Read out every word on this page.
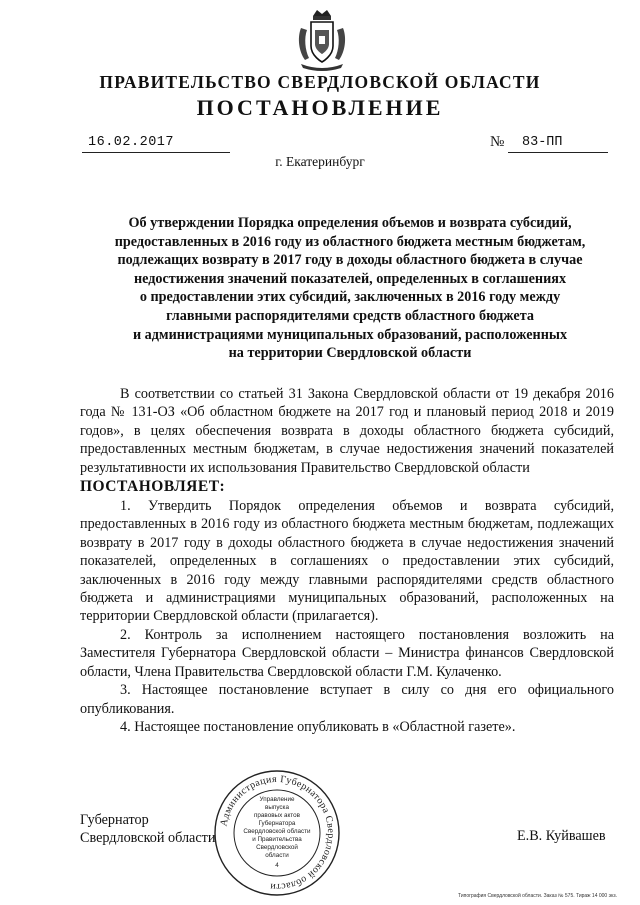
ПРАВИТЕЛЬСТВО СВЕРДЛОВСКОЙ ОБЛАСТИ
ПОСТАНОВЛЕНИЕ
16.02.2017	№	83-ПП
г. Екатеринбург
Об утверждении Порядка определения объемов и возврата субсидий,
предоставленных в 2016 году из областного бюджета местным бюджетам,
подлежащих возврату в 2017 году в доходы областного бюджета в случае
недостижения значений показателей, определенных в соглашениях
о предоставлении этих субсидий, заключенных в 2016 году между
главными распорядителями средств областного бюджета
и администрациями муниципальных образований, расположенных
на территории Свердловской области

В соответствии со статьей 31 Закона Свердловской области от 19 декабря 2016 года № 131-ОЗ «Об областном бюджете на 2017 год и плановый период 2018 и 2019 годов», в целях обеспечения возврата в доходы областного бюджета субсидий, предоставленных местным бюджетам, в случае недостижения значений показателей результативности их использования Правительство Свердловской области

ПОСТАНОВЛЯЕТ:

1. Утвердить Порядок определения объемов и возврата субсидий, предоставленных в 2016 году из областного бюджета местным бюджетам, подлежащих возврату в 2017 году в доходы областного бюджета в случае недостижения значений показателей, определенных в соглашениях о предоставлении этих субсидий, заключенных в 2016 году между главными распорядителями средств областного бюджета и администрациями муниципальных образований, расположенных на территории Свердловской области (прилагается).

2. Контроль за исполнением настоящего постановления возложить на Заместителя Губернатора Свердловской области – Министра финансов Свердловской области, Члена Правительства Свердловской области Г.М. Кулаченко.

3. Настоящее постановление вступает в силу со дня его официального опубликования.

4. Настоящее постановление опубликовать в «Областной газете».

Губернатор
Свердловской области	Е.В. Куйвашев
Администрация Губернатора Свердловской области
Управление
выпуска
правовых актов
Губернатора
Свердловской области
и Правительства
Свердловской
области
4
Типография Свердловской области. Заказ № 575. Тираж 14 000 экз.
